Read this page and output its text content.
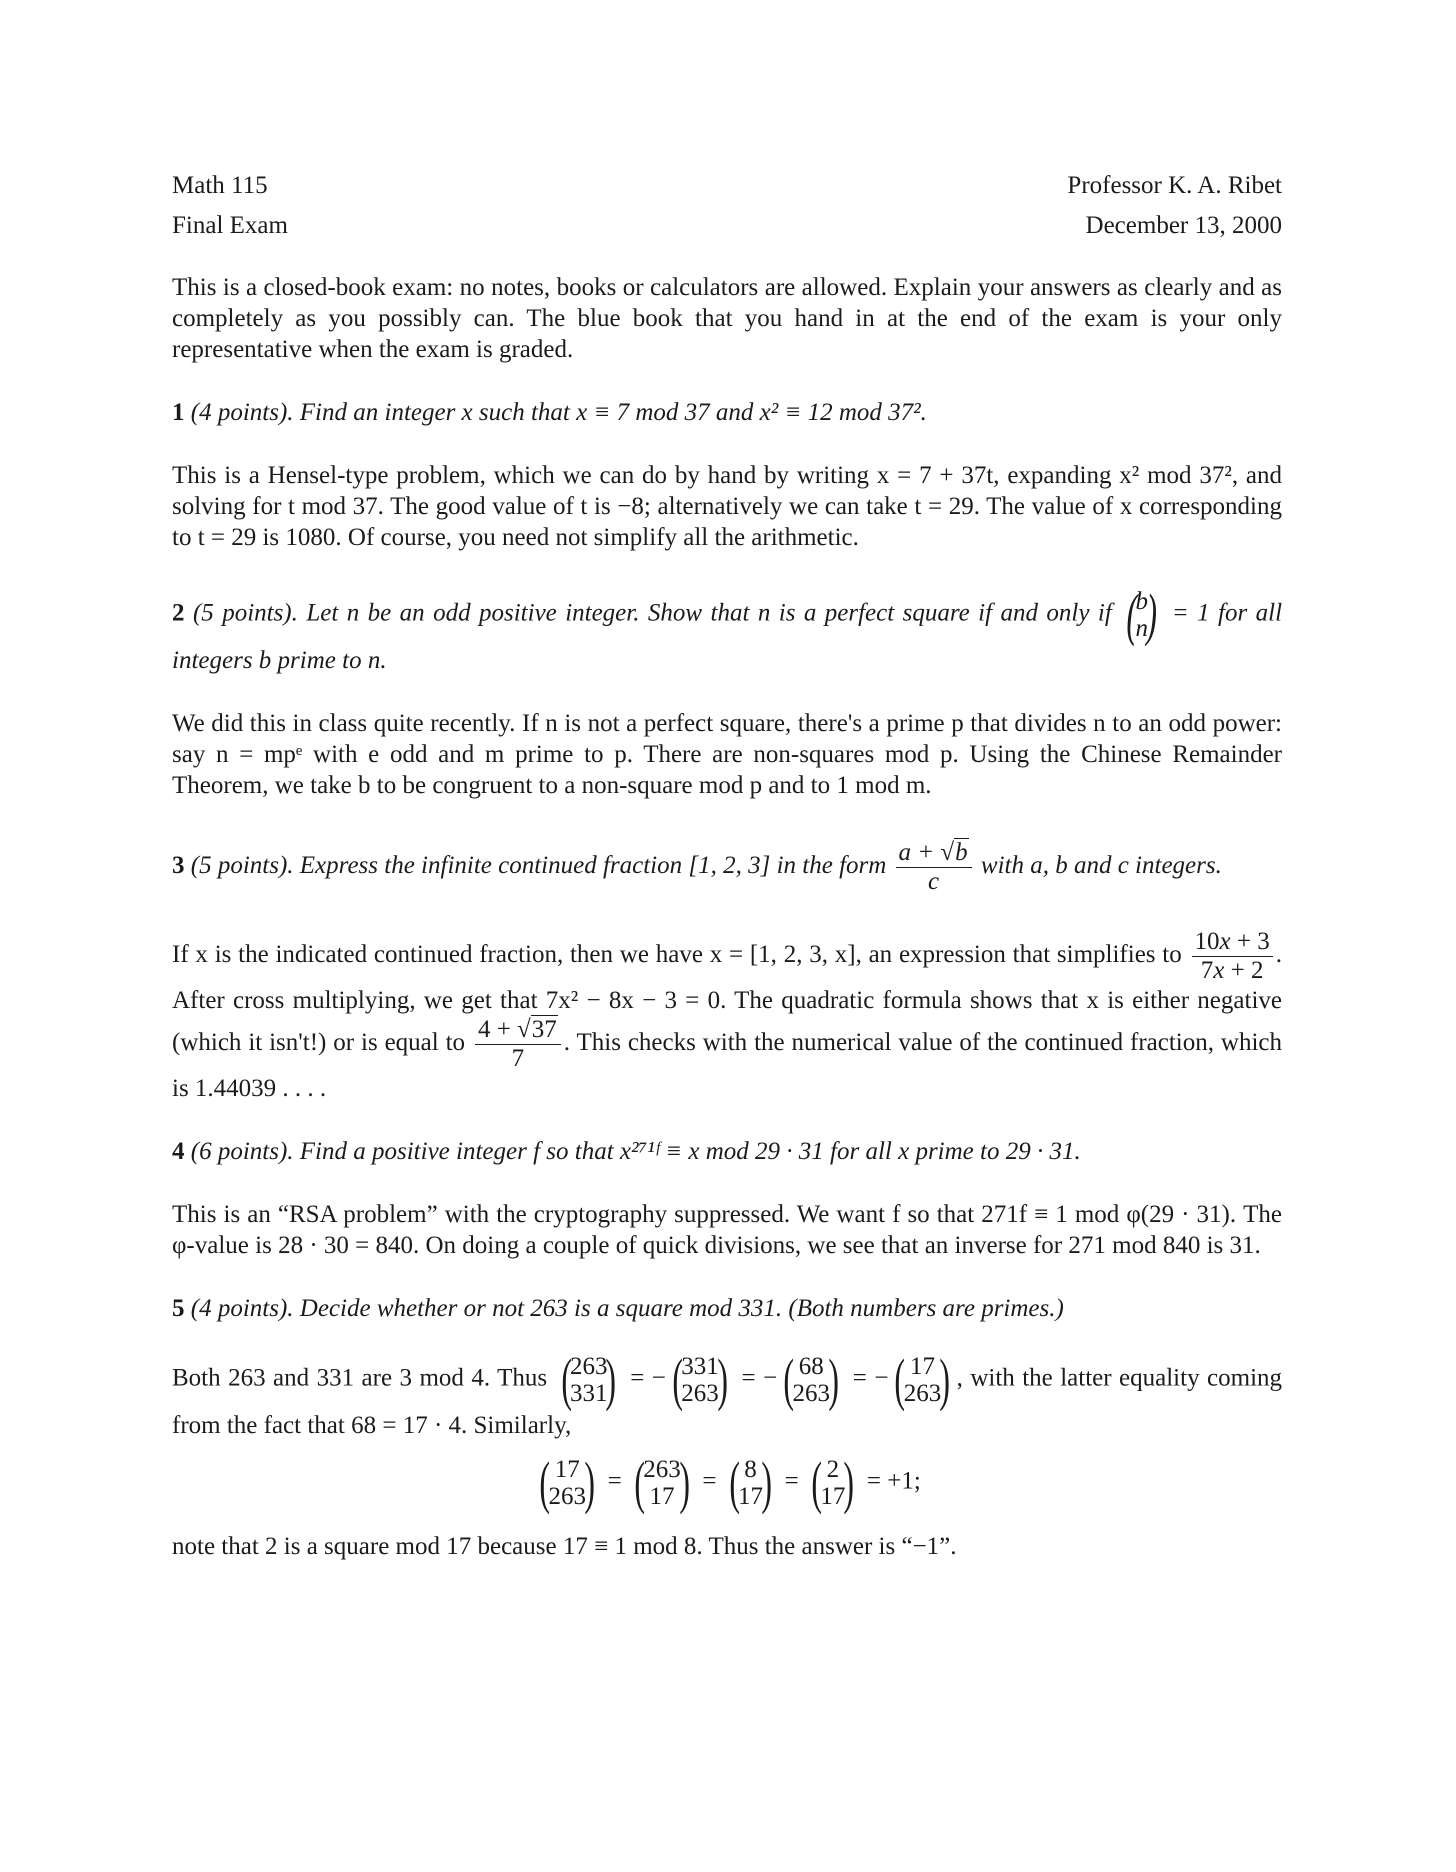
Math 115	Professor K. A. Ribet
Final Exam	December 13, 2000

This is a closed-book exam: no notes, books or calculators are allowed. Explain your answers as clearly and as completely as you possibly can. The blue book that you hand in at the end of the exam is your only representative when the exam is graded.

1 (4 points). Find an integer x such that x ≡ 7 mod 37 and x² ≡ 12 mod 37².

This is a Hensel-type problem, which we can do by hand by writing x = 7 + 37t, expanding x² mod 37², and solving for t mod 37. The good value of t is −8; alternatively we can take t = 29. The value of x corresponding to t = 29 is 1080. Of course, you need not simplify all the arithmetic.

2 (5 points). Let n be an odd positive integer. Show that n is a perfect square if and only if (
b
n
) = 1 for all integers b prime to n.

We did this in class quite recently. If n is not a perfect square, there's a prime p that divides n to an odd power: say n = mpᵉ with e odd and m prime to p. There are non-squares mod p. Using the Chinese Remainder Theorem, we take b to be congruent to a non-square mod p and to 1 mod m.

3 (5 points). Express the infinite continued fraction [1, 2, 3] in the form $\frac{a + √b}{c}$ with a, b and c integers.

If x is the indicated continued fraction, then we have x = [1, 2, 3, x], an expression that simplifies to $\frac{10x + 3}{7x + 2}$ . After cross multiplying, we get that 7x² − 8x − 3 = 0. The quadratic formula shows that x is either negative (which it isn't!) or is equal to $\frac{4 + √37}{7}$ . This checks with the numerical value of the continued fraction, which is 1.44039 . . . .

4 (6 points). Find a positive integer f so that x²⁷¹ᶠ ≡ x mod 29 · 31 for all x prime to 29 · 31.

This is an “RSA problem” with the cryptography suppressed. We want f so that 271f ≡ 1 mod φ(29 · 31). The φ-value is 28 · 30 = 840. On doing a couple of quick divisions, we see that an inverse for 271 mod 840 is 31.

5 (4 points). Decide whether or not 263 is a square mod 331. (Both numbers are primes.)

Both 263 and 331 are 3 mod 4. Thus (
263
331
) = − (
331
263
) = − ( 68
263
) = − ( 17
263
) , with the latter equality coming from the fact that 68 = 17 · 4. Similarly,

( 17
263
) = (
263
17 ) = ( 8
17
) = ( 2
17
) = +1;

note that 2 is a square mod 17 because 17 ≡ 1 mod 8. Thus the answer is “−1”.
